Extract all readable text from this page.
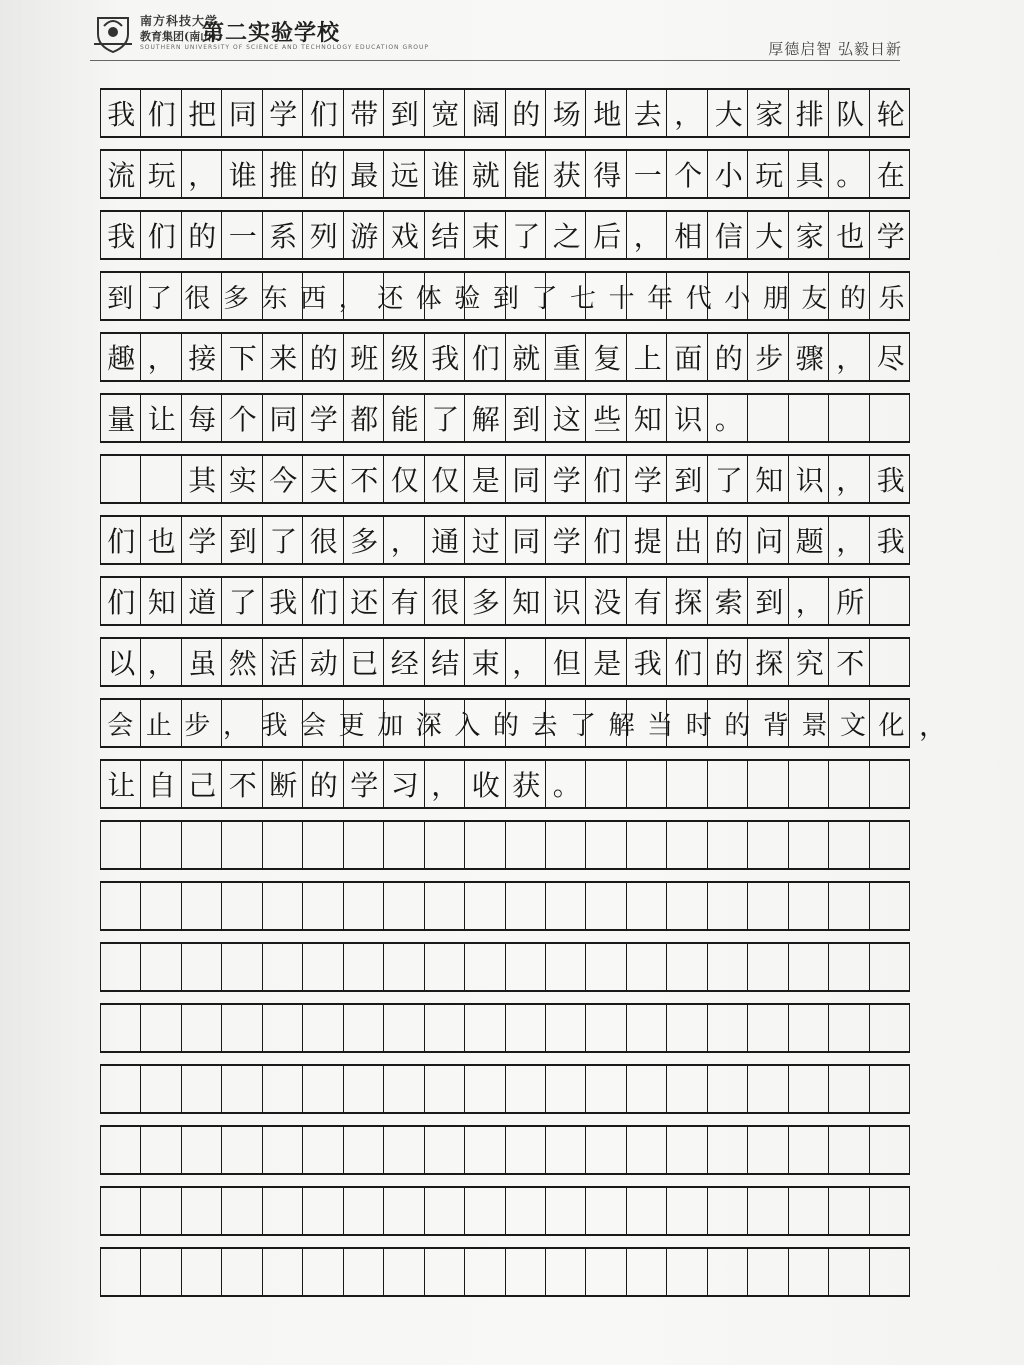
南方科技大学
教育集团(南山)
第二实验学校
SOUTHERN UNIVERSITY OF SCIENCE AND TECHNOLOGY EDUCATION GROUP	厚德启智 弘毅日新
我 们 把 同 学 们 带 到 宽 阔 的 场 地 去 ， 大 家 排 队 轮
流 玩 ， 谁 推 的 最 远 谁 就 能 获 得 一 个 小 玩 具 。 在
我 们 的 一 系 列 游 戏 结 束 了 之 后 ， 相 信 大 家 也 学
到 了 很 多 东 西 ， 还 体 验 到 了 七 十 年 代 小 朋 友 的 乐
趣 ， 接 下 来 的 班 级 我 们 就 重 复 上 面 的 步 骤 ， 尽
量 让 每 个 同 学 都 能 了 解 到 这 些 知 识 。
其 实 今 天 不 仅 仅 是 同 学 们 学 到 了 知 识 ， 我
们 也 学 到 了 很 多 ， 通 过 同 学 们 提 出 的 问 题 ， 我
们 知 道 了 我 们 还 有 很 多 知 识 没 有 探 索 到 ， 所
以 ， 虽 然 活 动 已 经 结 束 ， 但 是 我 们 的 探 究 不
会 止 步 ， 我 会 更 加 深 入 的 去 了 解 当 时 的 背 景 文 化 ，
让 自 己 不 断 的 学 习 ， 收 获 。
